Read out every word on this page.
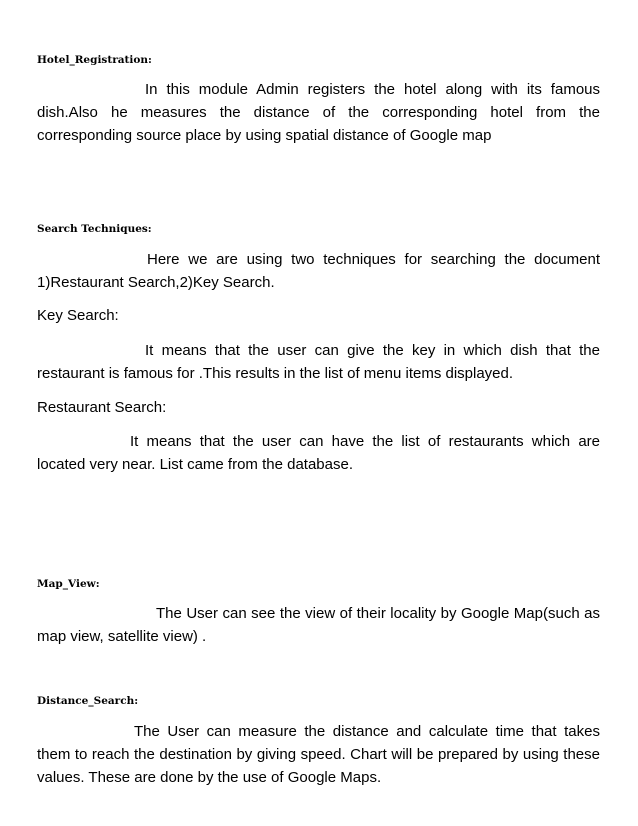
Hotel_Registration:
In this module Admin registers the hotel along with its famous dish.Also he measures the distance of the corresponding hotel from the corresponding source place by using spatial distance of Google map
Search Techniques:
Here we are using two techniques for searching the document 1)Restaurant Search,2)Key Search.
Key Search:
It means that the user can give the key in which dish that the restaurant is famous for .This results in the list of menu items displayed.
Restaurant Search:
It means that the user can have the list of restaurants which are located very near. List came from the database.
Map_View:
The User can see the view of their locality by Google Map(such as map view, satellite view) .
Distance_Search:
The User can measure the distance and calculate time that takes them to reach the destination by giving speed. Chart will be prepared by using these values. These are done by the use of Google Maps.
